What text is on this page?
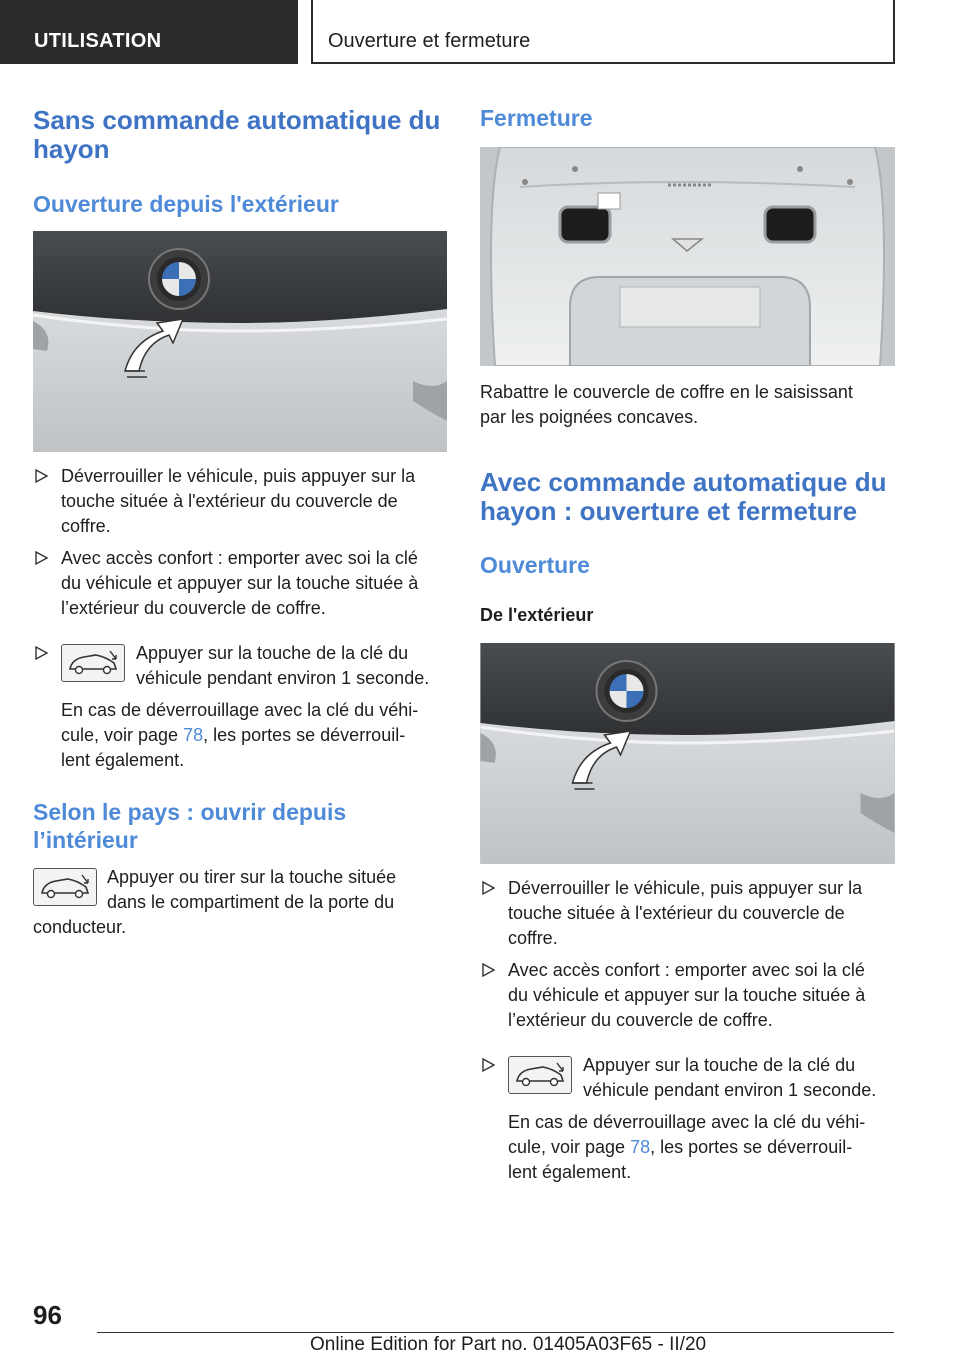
UTILISATION	Ouverture et fermeture
Sans commande automatique du
hayon
Ouverture depuis l'extérieur
Déverrouiller le véhicule, puis appuyer sur la
touche située à l'extérieur du couvercle de
coffre.
Avec accès confort : emporter avec soi la clé
du véhicule et appuyer sur la touche située à
l’extérieur du couvercle de coffre.
Appuyer sur la touche de la clé du
véhicule pendant environ 1 seconde.
En cas de déverrouillage avec la clé du véhi-
cule, voir page 78, les portes se déverrouil-
lent également.
Selon le pays : ouvrir depuis
l’intérieur
Appuyer ou tirer sur la touche située
dans le compartiment de la porte du
conducteur.
Fermeture
Rabattre le couvercle de coffre en le saisissant
par les poignées concaves.
Avec commande automatique du
hayon : ouverture et fermeture
Ouverture
De l'extérieur
Déverrouiller le véhicule, puis appuyer sur la
touche située à l'extérieur du couvercle de
coffre.
Avec accès confort : emporter avec soi la clé
du véhicule et appuyer sur la touche située à
l’extérieur du couvercle de coffre.
Appuyer sur la touche de la clé du
véhicule pendant environ 1 seconde.
En cas de déverrouillage avec la clé du véhi-
cule, voir page 78, les portes se déverrouil-
lent également.
96
Online Edition for Part no. 01405A03F65 - II/20
